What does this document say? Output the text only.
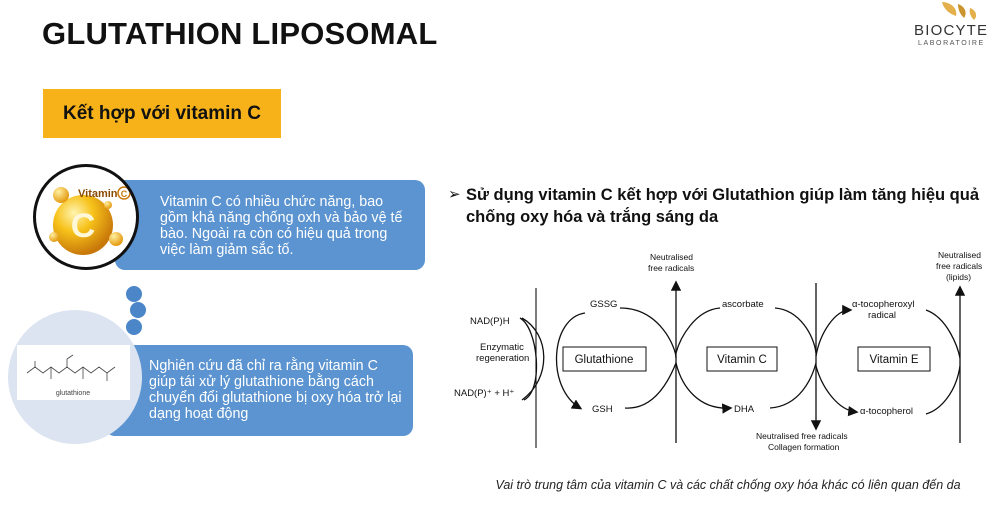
GLUTATHION LIPOSOMAL	BIOCYTE
LABORATOIRE
Kết hợp với vitamin C
Vitamin C có nhiều chức năng, bao gồm khả năng chống oxh và bảo vệ tế bào. Ngoài ra còn có hiệu quả trong việc làm giảm sắc tố.
C
Vitamin C
Nghiên cứu đã chỉ ra rằng vitamin C giúp tái xử lý glutathione bằng cách chuyển đổi glutathione bị oxy hóa trở lại dạng hoạt động
glutathione
➢ Sử dụng vitamin C kết hợp với Glutathion giúp làm tăng hiệu quả chống oxy hóa và trắng sáng da
Glutathione	Vitamin C	Vitamin E
NAD(P)H
Enzymatic
regeneration
NAD(P)⁺ + H⁺
GSSG
GSH
ascorbate
DHA
α-tocopheroxyl
radical
α-tocopherol
Neutralised
free radicals
Neutralised
free radicals
(lipids)
Neutralised free radicals
Collagen formation
Vai trò trung tâm của vitamin C và các chất chống oxy hóa khác có liên quan đến da
